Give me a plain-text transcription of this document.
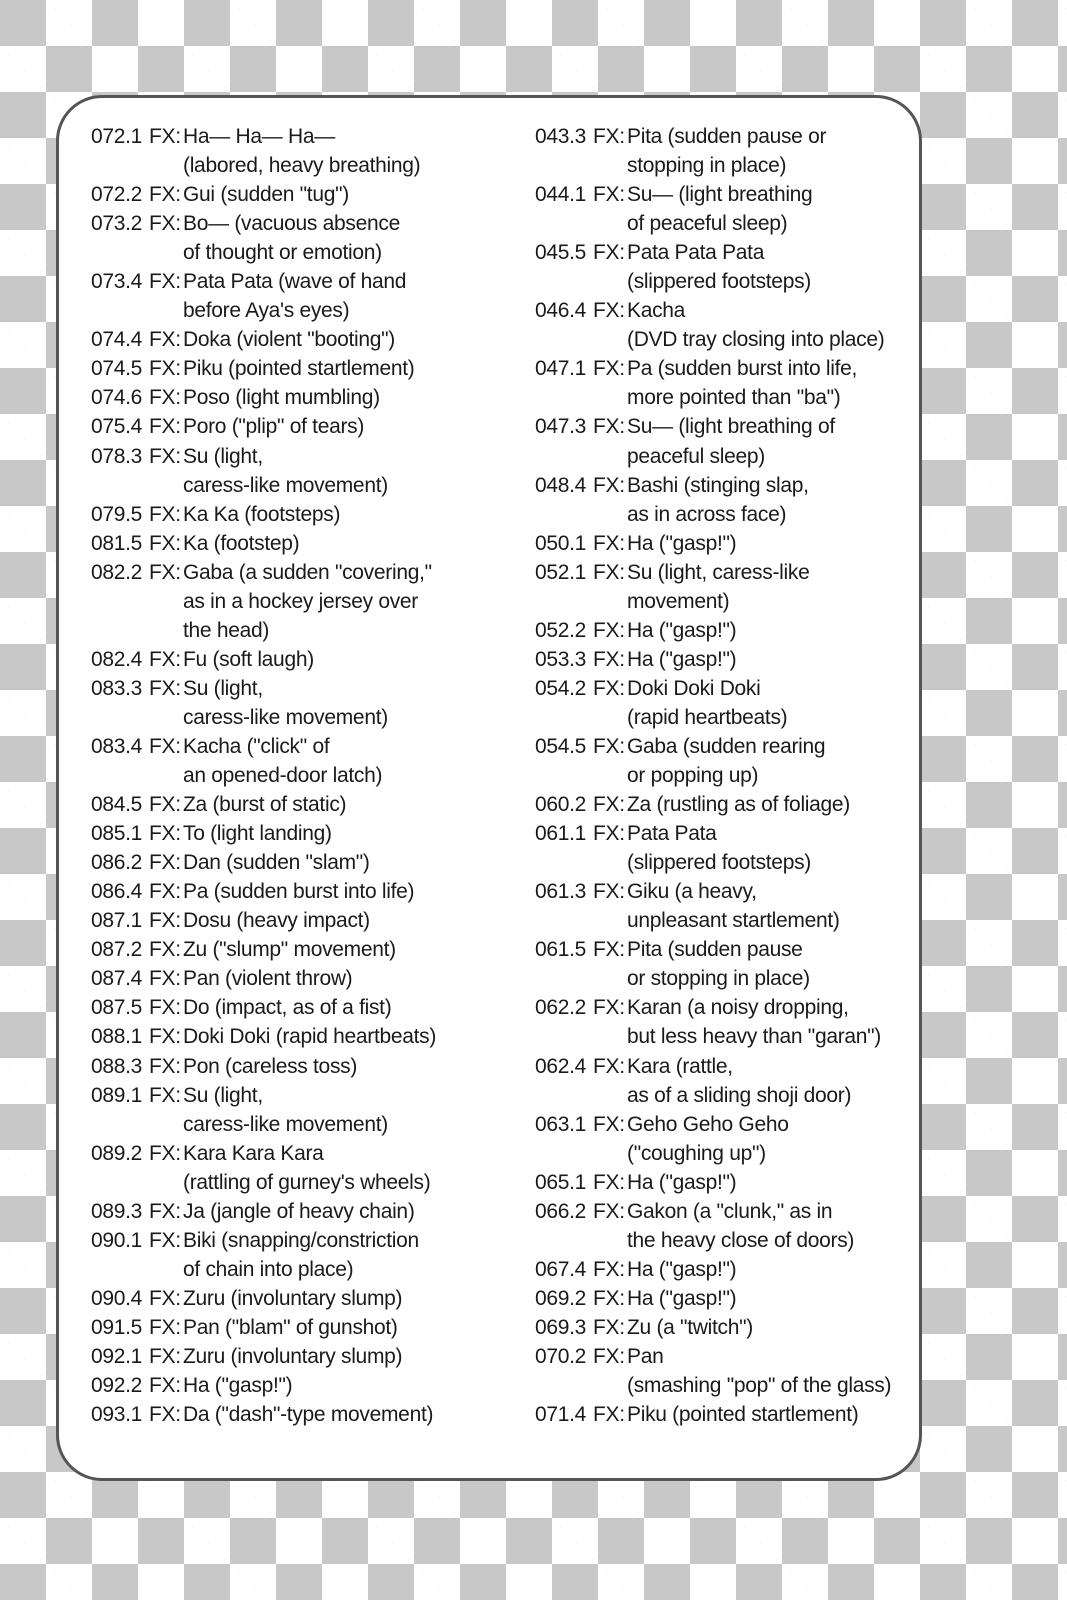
072.1 FX: Ha— Ha— Ha—
(labored, heavy breathing)
072.2 FX: Gui (sudden "tug")
073.2 FX: Bo— (vacuous absence
of thought or emotion)
073.4 FX: Pata Pata (wave of hand
before Aya's eyes)
074.4 FX: Doka (violent "booting")
074.5 FX: Piku (pointed startlement)
074.6 FX: Poso (light mumbling)
075.4 FX: Poro ("plip" of tears)
078.3 FX: Su (light,
caress-like movement)
079.5 FX: Ka Ka (footsteps)
081.5 FX: Ka (footstep)
082.2 FX: Gaba (a sudden "covering,"
as in a hockey jersey over
the head)
082.4 FX: Fu (soft laugh)
083.3 FX: Su (light,
caress-like movement)
083.4 FX: Kacha ("click" of
an opened-door latch)
084.5 FX: Za (burst of static)
085.1 FX: To (light landing)
086.2 FX: Dan (sudden "slam")
086.4 FX: Pa (sudden burst into life)
087.1 FX: Dosu (heavy impact)
087.2 FX: Zu ("slump" movement)
087.4 FX: Pan (violent throw)
087.5 FX: Do (impact, as of a fist)
088.1 FX: Doki Doki (rapid heartbeats)
088.3 FX: Pon (careless toss)
089.1 FX: Su (light,
caress-like movement)
089.2 FX: Kara Kara Kara
(rattling of gurney's wheels)
089.3 FX: Ja (jangle of heavy chain)
090.1 FX: Biki (snapping/constriction
of chain into place)
090.4 FX: Zuru (involuntary slump)
091.5 FX: Pan ("blam" of gunshot)
092.1 FX: Zuru (involuntary slump)
092.2 FX: Ha ("gasp!")
093.1 FX: Da ("dash"-type movement)
043.3 FX: Pita (sudden pause or
stopping in place)
044.1 FX: Su— (light breathing
of peaceful sleep)
045.5 FX: Pata Pata Pata
(slippered footsteps)
046.4 FX: Kacha
(DVD tray closing into place)
047.1 FX: Pa (sudden burst into life,
more pointed than "ba")
047.3 FX: Su— (light breathing of
peaceful sleep)
048.4 FX: Bashi (stinging slap,
as in across face)
050.1 FX: Ha ("gasp!")
052.1 FX: Su (light, caress-like
movement)
052.2 FX: Ha ("gasp!")
053.3 FX: Ha ("gasp!")
054.2 FX: Doki Doki Doki
(rapid heartbeats)
054.5 FX: Gaba (sudden rearing
or popping up)
060.2 FX: Za (rustling as of foliage)
061.1 FX: Pata Pata
(slippered footsteps)
061.3 FX: Giku (a heavy,
unpleasant startlement)
061.5 FX: Pita (sudden pause
or stopping in place)
062.2 FX: Karan (a noisy dropping,
but less heavy than "garan")
062.4 FX: Kara (rattle,
as of a sliding shoji door)
063.1 FX: Geho Geho Geho
("coughing up")
065.1 FX: Ha ("gasp!")
066.2 FX: Gakon (a "clunk," as in
the heavy close of doors)
067.4 FX: Ha ("gasp!")
069.2 FX: Ha ("gasp!")
069.3 FX: Zu (a "twitch")
070.2 FX: Pan
(smashing "pop" of the glass)
071.4 FX: Piku (pointed startlement)
